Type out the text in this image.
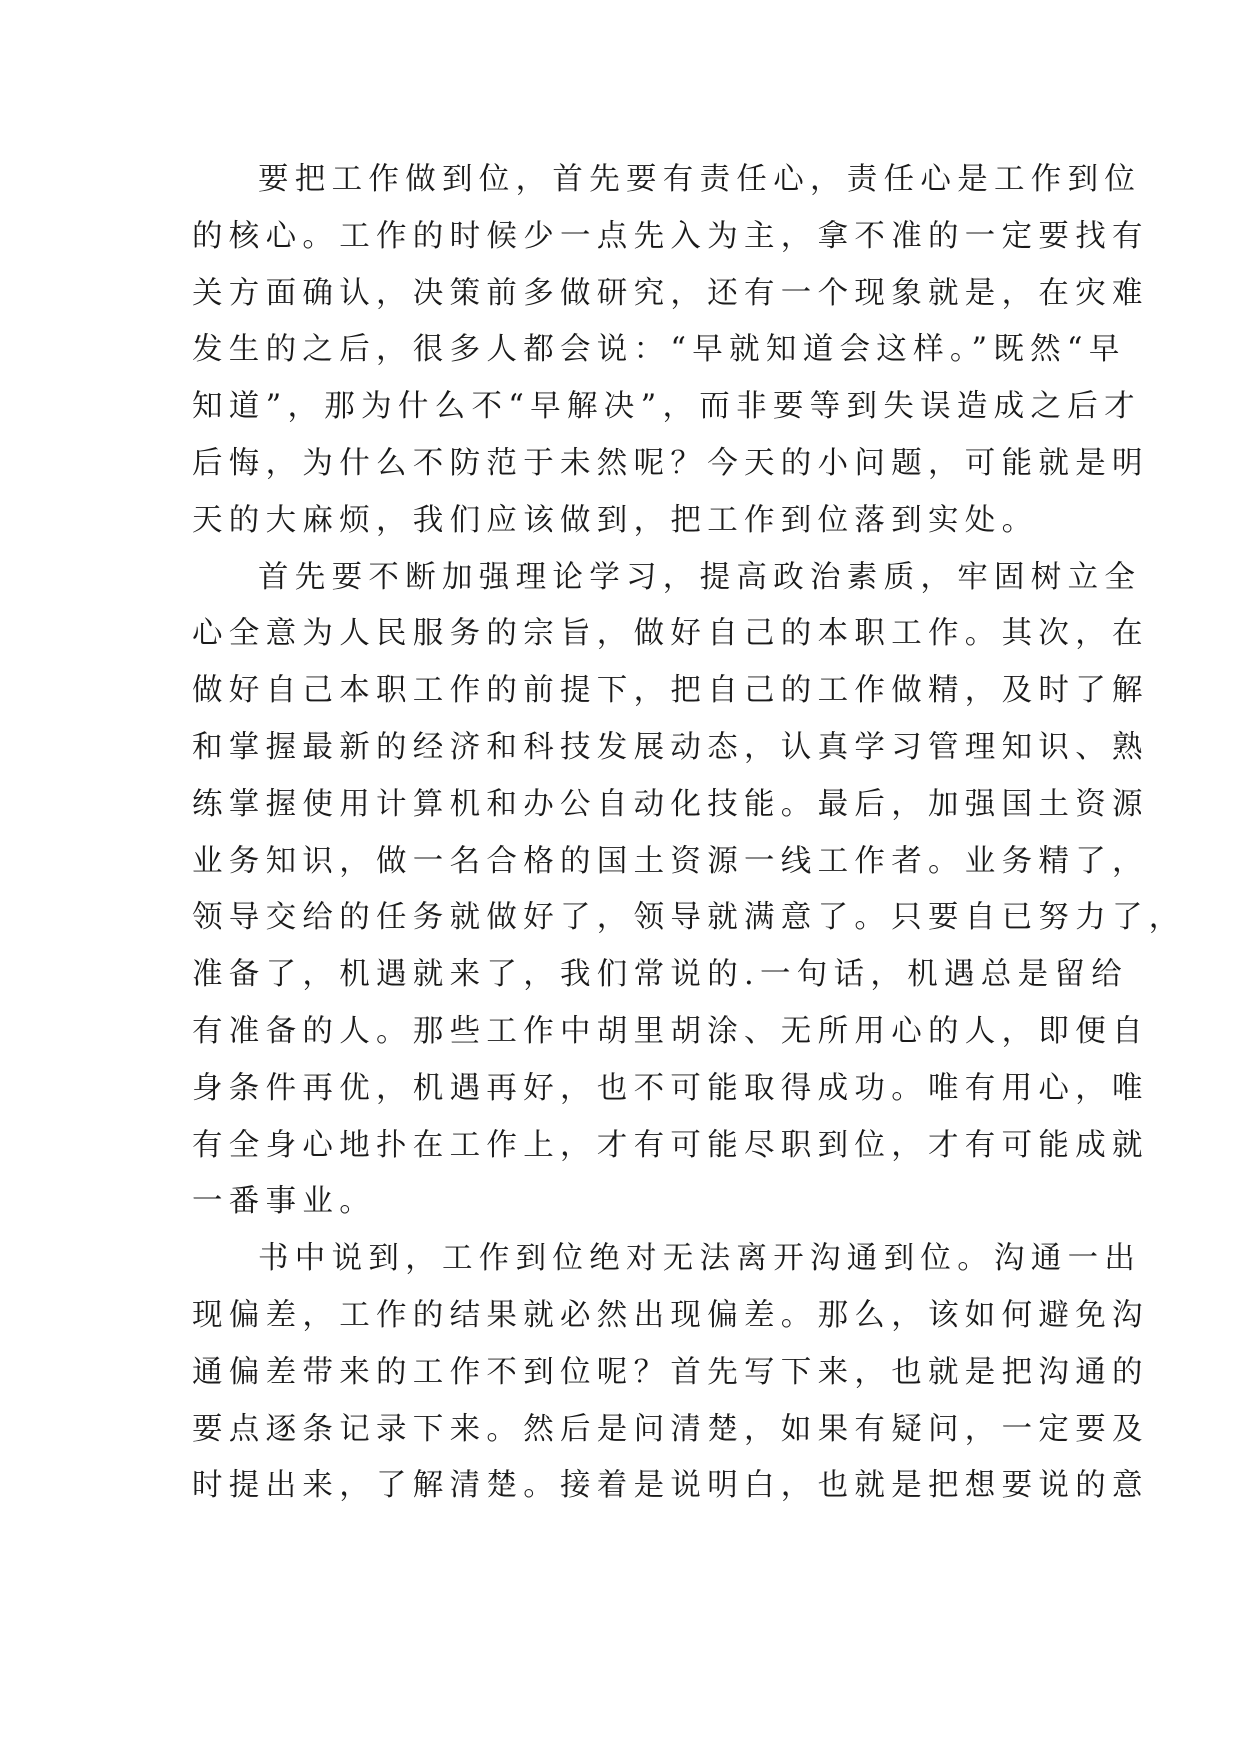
要把工作做到位，首先要有责任心，责任心是工作到位
的核心。工作的时候少一点先入为主，拿不准的一定要找有
关方面确认，决策前多做研究，还有一个现象就是，在灾难
发生的之后，很多人都会说：“早就知道会这样。”既然“早
知道”，那为什么不“早解决”，而非要等到失误造成之后才
后悔，为什么不防范于未然呢？今天的小问题，可能就是明
天的大麻烦，我们应该做到，把工作到位落到实处。

首先要不断加强理论学习，提高政治素质，牢固树立全
心全意为人民服务的宗旨，做好自己的本职工作。其次，在
做好自己本职工作的前提下，把自己的工作做精，及时了解
和掌握最新的经济和科技发展动态，认真学习管理知识、熟
练掌握使用计算机和办公自动化技能。最后，加强国土资源
业务知识，做一名合格的国土资源一线工作者。业务精了，
领导交给的任务就做好了，领导就满意了。只要自已努力了，
准备了，机遇就来了，我们常说的.一句话，机遇总是留给
有准备的人。那些工作中胡里胡涂、无所用心的人，即便自
身条件再优，机遇再好，也不可能取得成功。唯有用心，唯
有全身心地扑在工作上，才有可能尽职到位，才有可能成就
一番事业。

书中说到，工作到位绝对无法离开沟通到位。沟通一出
现偏差，工作的结果就必然出现偏差。那么，该如何避免沟
通偏差带来的工作不到位呢？首先写下来，也就是把沟通的
要点逐条记录下来。然后是问清楚，如果有疑问，一定要及
时提出来，了解清楚。接着是说明白，也就是把想要说的意
